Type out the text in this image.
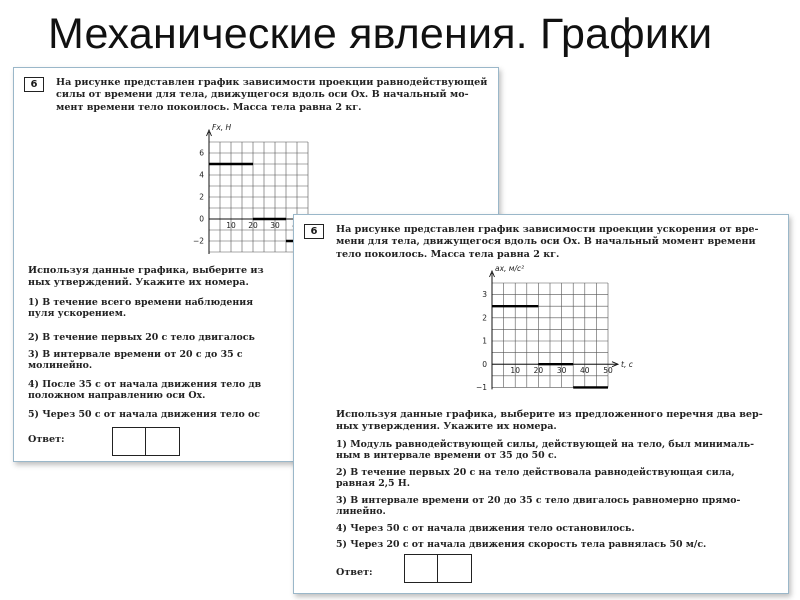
Механические явления. Графики
6	На рисунке представлен график зависимости проекции равнодействующей
силы от времени для тела, движущегося вдоль оси Ox. В начальный мо-
мент времени тело покоилось. Масса тела равна 2 кг.
Fx, Н
6
4
2
0
−2
10 20 30
Используя данные графика, выберите из
ных утверждений. Укажите их номера.
1) В течение всего времени наблюдения
пуля ускорением.
2) В течение первых 20 с тело двигалось
3) В интервале времени от 20 с до 35 с
молинейно.
4) После 35 с от начала движения тело дв
положном направлению оси Ox.
5) Через 50 с от начала движения тело ос
Ответ:
6	На рисунке представлен график зависимости проекции ускорения от вре-
мени для тела, движущегося вдоль оси Ox. В начальный момент времени
тело покоилось. Масса тела равна 2 кг.
ax, м/с²
t, с
3
2
1
0
−1
10 20 30 40 50
Используя данные графика, выберите из предложенного перечня два вер-
ных утверждения. Укажите их номера.
1) Модуль равнодействующей силы, действующей на тело, был минималь-
ным в интервале времени от 35 до 50 с.
2) В течение первых 20 с на тело действовала равнодействующая сила,
равная 2,5 Н.
3) В интервале времени от 20 до 35 с тело двигалось равномерно прямо-
линейно.
4) Через 50 с от начала движения тело остановилось.
5) Через 20 с от начала движения скорость тела равнялась 50 м/с.
Ответ:
